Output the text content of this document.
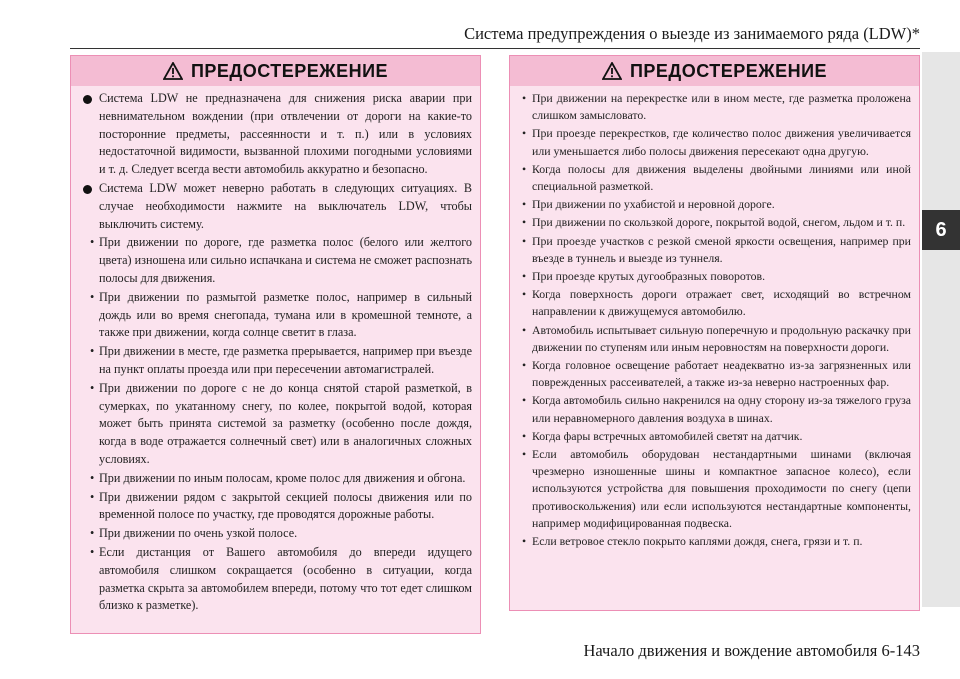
Система предупреждения о выезде из занимаемого ряда (LDW)*
6
ПРЕДОСТЕРЕЖЕНИЕ
Система LDW не предназначена для снижения риска аварии при невнимательном вождении (при отвлечении от дороги на какие-то посторонние предметы, рассеянности и т. п.) или в условиях недостаточной видимости, вызванной плохими погодными условиями и т. д. Следует всегда вести автомобиль аккуратно и безопасно.
Система LDW может неверно работать в следующих ситуациях. В случае необходимости нажмите на выключатель LDW, чтобы выключить систему.
• При движении по дороге, где разметка полос (белого или желтого цвета) изношена или сильно испачкана и система не сможет распознать полосы для движения.
• При движении по размытой разметке полос, например в сильный дождь или во время снегопада, тумана или в кромешной темноте, а также при движении, когда солнце светит в глаза.
• При движении в месте, где разметка прерывается, например при въезде на пункт оплаты проезда или при пересечении автомагистралей.
• При движении по дороге с не до конца снятой старой разметкой, в сумерках, по укатанному снегу, по колее, покрытой водой, которая может быть принята системой за разметку (особенно после дождя, когда в воде отражается солнечный свет) или в аналогичных сложных условиях.
• При движении по иным полосам, кроме полос для движения и обгона.
• При движении рядом с закрытой секцией полосы движения или по временной полосе по участку, где проводятся дорожные работы.
• При движении по очень узкой полосе.
• Если дистанция от Вашего автомобиля до впереди идущего автомобиля слишком сокращается (особенно в ситуации, когда разметка скрыта за автомобилем впереди, потому что тот едет слишком близко к разметке).
ПРЕДОСТЕРЕЖЕНИЕ
• При движении на перекрестке или в ином месте, где разметка проложена слишком замысловато.
• При проезде перекрестков, где количество полос движения увеличивается или уменьшается либо полосы движения пересекают одна другую.
• Когда полосы для движения выделены двойными линиями или иной специальной разметкой.
• При движении по ухабистой и неровной дороге.
• При движении по скользкой дороге, покрытой водой, снегом, льдом и т. п.
• При проезде участков с резкой сменой яркости освещения, например при въезде в туннель и выезде из туннеля.
• При проезде крутых дугообразных поворотов.
• Когда поверхность дороги отражает свет, исходящий во встречном направлении к движущемуся автомобилю.
• Автомобиль испытывает сильную поперечную и продольную раскачку при движении по ступеням или иным неровностям на поверхности дороги.
• Когда головное освещение работает неадекватно из-за загрязненных или поврежденных рассеивателей, а также из-за неверно настроенных фар.
• Когда автомобиль сильно накренился на одну сторону из-за тяжелого груза или неравномерного давления воздуха в шинах.
• Когда фары встречных автомобилей светят на датчик.
• Если автомобиль оборудован нестандартными шинами (включая чрезмерно изношенные шины и компактное запасное колесо), если используются устройства для повышения проходимости по снегу (цепи противоскольжения) или если используются нестандартные компоненты, например модифицированная подвеска.
• Если ветровое стекло покрыто каплями дождя, снега, грязи и т. п.
Начало движения и вождение автомобиля 6-143
